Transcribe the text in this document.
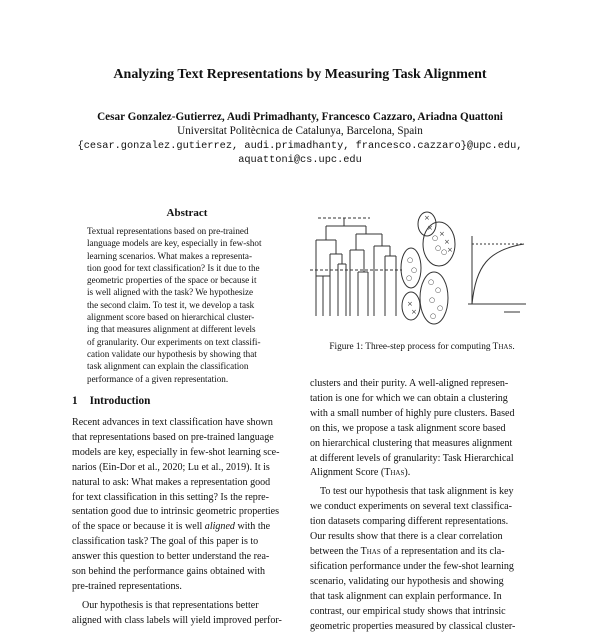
Analyzing Text Representations by Measuring Task Alignment
Cesar Gonzalez-Gutierrez, Audi Primadhanty, Francesco Cazzaro, Ariadna Quattoni
Universitat Politècnica de Catalunya, Barcelona, Spain
{cesar.gonzalez.gutierrez, audi.primadhanty, francesco.cazzaro}@upc.edu,
aquattoni@cs.upc.edu
Abstract
Textual representations based on pre-trained
language models are key, especially in few-shot
learning scenarios. What makes a representa-
tion good for text classification? Is it due to the
geometric properties of the space or because it
is well aligned with the task? We hypothesize
the second claim. To test it, we develop a task
alignment score based on hierarchical cluster-
ing that measures alignment at different levels
of granularity. Our experiments on text classifi-
cation validate our hypothesis by showing that
task alignment can explain the classification
performance of a given representation.
1 Introduction
Recent advances in text classification have shown
that representations based on pre-trained language
models are key, especially in few-shot learning sce-
narios (Ein-Dor et al., 2020; Lu et al., 2019). It is
natural to ask: What makes a representation good
for text classification in this setting? Is the repre-
sentation good due to intrinsic geometric properties
of the space or because it is well aligned with the
classification task? The goal of this paper is to
answer this question to better understand the rea-
son behind the performance gains obtained with
pre-trained representations.
Our hypothesis is that representations better
aligned with class labels will yield improved perfor-
×
×
○ ×
×
○ ○ ×
○
○
○ ○
○
○
○
○
×
×
Figure 1: Three-step process for computing Thas.
clusters and their purity. A well-aligned represen-
tation is one for which we can obtain a clustering
with a small number of highly pure clusters. Based
on this, we propose a task alignment score based
on hierarchical clustering that measures alignment
at different levels of granularity: Task Hierarchical
Alignment Score (Thas).
To test our hypothesis that task alignment is key
we conduct experiments on several text classifica-
tion datasets comparing different representations.
Our results show that there is a clear correlation
between the Thas of a representation and its cla-
sification performance under the few-shot learning
scenario, validating our hypothesis and showing
that task alignment can explain performance. In
contrast, our empirical study shows that intrinsic
geometric properties measured by classical cluster-
